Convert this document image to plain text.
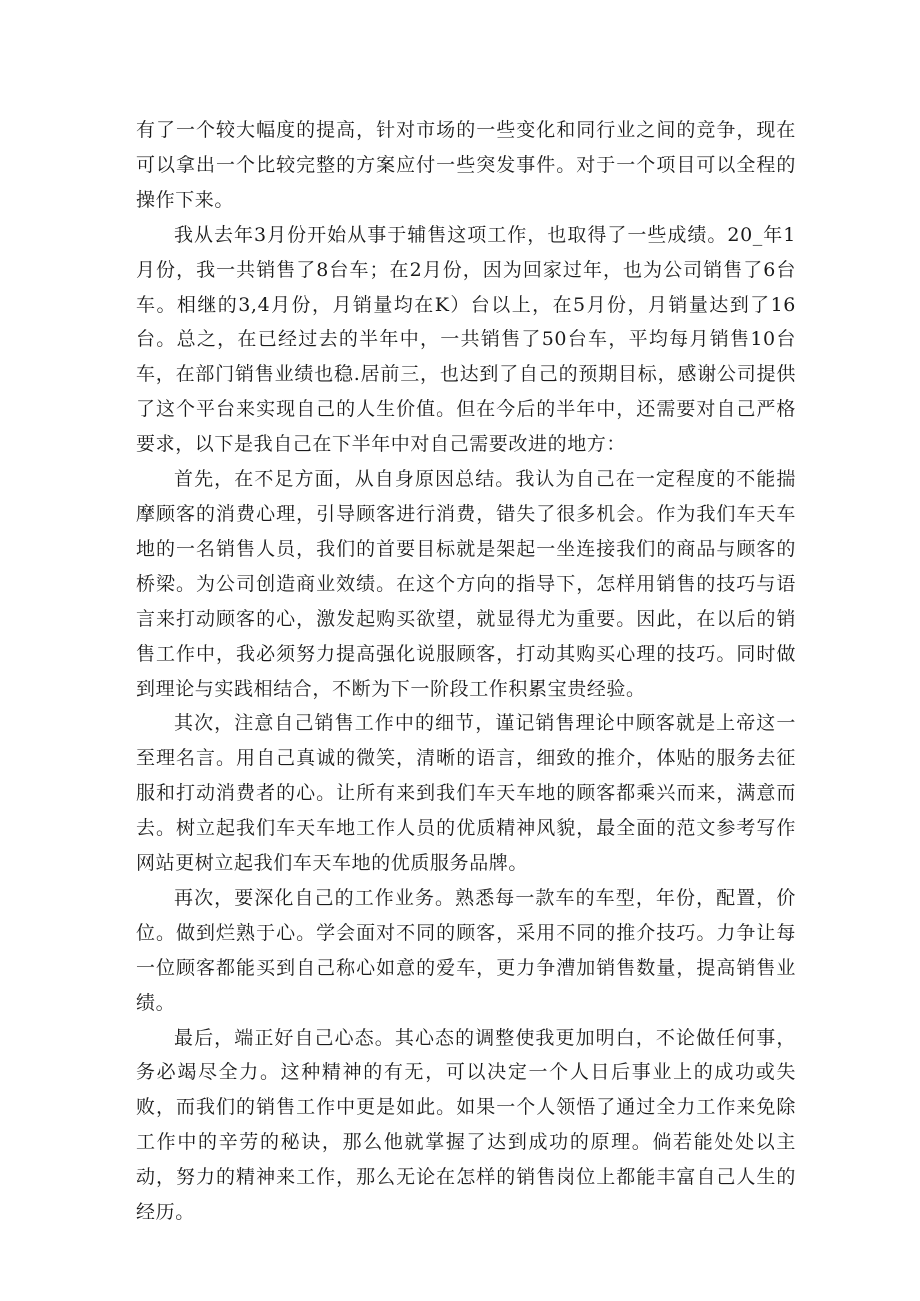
有了一个较大幅度的提高，针对市场的一些变化和同行业之间的竞争，现在可以拿出一个比较完整的方案应付一些突发事件。对于一个项目可以全程的操作下来。

我从去年3月份开始从事于辅售这项工作，也取得了一些成绩。20_年1月份，我一共销售了8台车；在2月份，因为回家过年，也为公司销售了6台车。相继的3,4月份，月销量均在K）台以上，在5月份，月销量达到了16台。总之，在已经过去的半年中，一共销售了50台车，平均每月销售10台车，在部门销售业绩也稳.居前三，也达到了自己的预期目标，感谢公司提供了这个平台来实现自己的人生价值。但在今后的半年中，还需要对自己严格要求，以下是我自己在下半年中对自己需要改进的地方：

首先，在不足方面，从自身原因总结。我认为自己在一定程度的不能揣摩顾客的消费心理，引导顾客进行消费，错失了很多机会。作为我们车天车地的一名销售人员，我们的首要目标就是架起一坐连接我们的商品与顾客的桥梁。为公司创造商业效绩。在这个方向的指导下，怎样用销售的技巧与语言来打动顾客的心，激发起购买欲望，就显得尤为重要。因此，在以后的销售工作中，我必须努力提高强化说服顾客，打动其购买心理的技巧。同时做到理论与实践相结合，不断为下一阶段工作积累宝贵经验。

其次，注意自己销售工作中的细节，谨记销售理论中顾客就是上帝这一至理名言。用自己真诚的微笑，清晰的语言，细致的推介，体贴的服务去征服和打动消费者的心。让所有来到我们车天车地的顾客都乘兴而来，满意而去。树立起我们车天车地工作人员的优质精神风貌，最全面的范文参考写作网站更树立起我们车天车地的优质服务品牌。

再次，要深化自己的工作业务。熟悉每一款车的车型，年份，配置，价位。做到烂熟于心。学会面对不同的顾客，采用不同的推介技巧。力争让每一位顾客都能买到自己称心如意的爱车，更力争漕加销售数量，提高销售业绩。

最后，端正好自己心态。其心态的调整使我更加明白，不论做任何事，务必竭尽全力。这种精神的有无，可以决定一个人日后事业上的成功或失败，而我们的销售工作中更是如此。如果一个人领悟了通过全力工作来免除工作中的辛劳的秘诀，那么他就掌握了达到成功的原理。倘若能处处以主动，努力的精神来工作，那么无论在怎样的销售岗位上都能丰富自己人生的经历。
